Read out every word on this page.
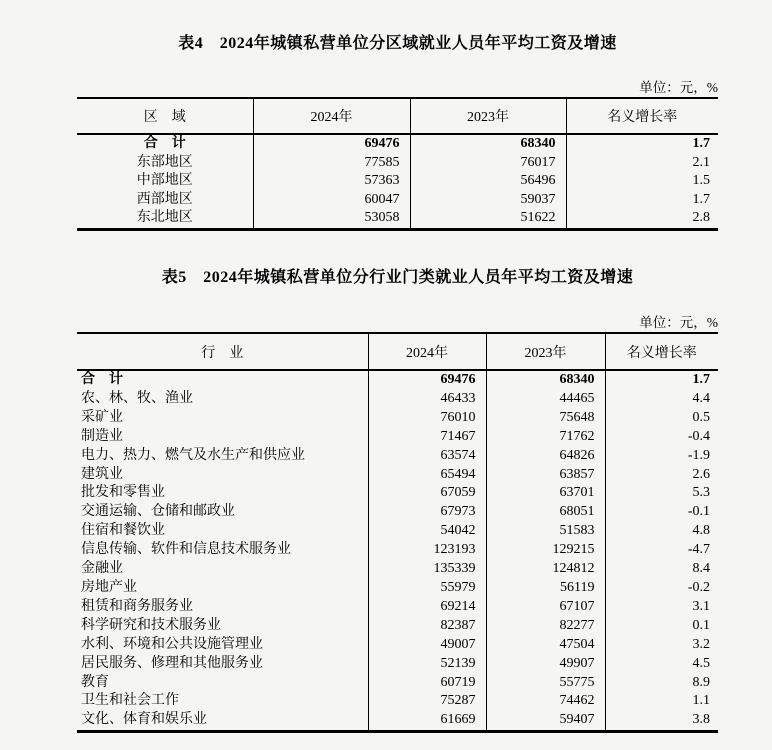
表4　2024年城镇私营单位分区域就业人员年平均工资及增速
单位：元，%
区　域	2024年	2023年	名义增长率
合　计	69476	68340	1.7
东部地区	77585	76017	2.1
中部地区	57363	56496	1.5
西部地区	60047	59037	1.7
东北地区	53058	51622	2.8
表5　2024年城镇私营单位分行业门类就业人员年平均工资及增速
单位：元，%
行　业	2024年	2023年	名义增长率
合　计	69476	68340	1.7
农、林、牧、渔业	46433	44465	4.4
采矿业	76010	75648	0.5
制造业	71467	71762	-0.4
电力、热力、燃气及水生产和供应业	63574	64826	-1.9
建筑业	65494	63857	2.6
批发和零售业	67059	63701	5.3
交通运输、仓储和邮政业	67973	68051	-0.1
住宿和餐饮业	54042	51583	4.8
信息传输、软件和信息技术服务业	123193	129215	-4.7
金融业	135339	124812	8.4
房地产业	55979	56119	-0.2
租赁和商务服务业	69214	67107	3.1
科学研究和技术服务业	82387	82277	0.1
水利、环境和公共设施管理业	49007	47504	3.2
居民服务、修理和其他服务业	52139	49907	4.5
教育	60719	55775	8.9
卫生和社会工作	75287	74462	1.1
文化、体育和娱乐业	61669	59407	3.8
